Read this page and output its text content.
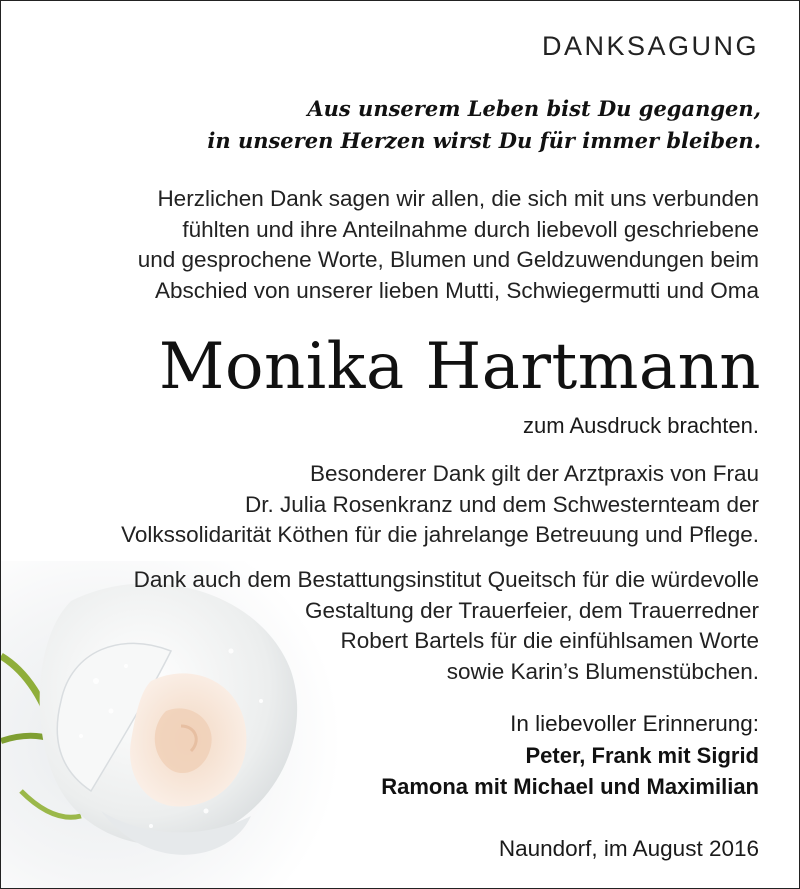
DANKSAGUNG

Aus unserem Leben bist Du gegangen,
in unseren Herzen wirst Du für immer bleiben.

Herzlichen Dank sagen wir allen, die sich mit uns verbunden
fühlten und ihre Anteilnahme durch liebevoll geschriebene
und gesprochene Worte, Blumen und Geldzuwendungen beim
Abschied von unserer lieben Mutti, Schwiegermutti und Oma

Monika Hartmann

zum Ausdruck brachten.

Besonderer Dank gilt der Arztpraxis von Frau
Dr. Julia Rosenkranz und dem Schwesternteam der
Volkssolidarität Köthen für die jahrelange Betreuung und Pflege.

Dank auch dem Bestattungsinstitut Queitsch für die würdevolle
Gestaltung der Trauerfeier, dem Trauerredner
Robert Bartels für die einfühlsamen Worte
sowie Karin’s Blumenstübchen.

In liebevoller Erinnerung:

Peter, Frank mit Sigrid
Ramona mit Michael und Maximilian

Naundorf, im August 2016
